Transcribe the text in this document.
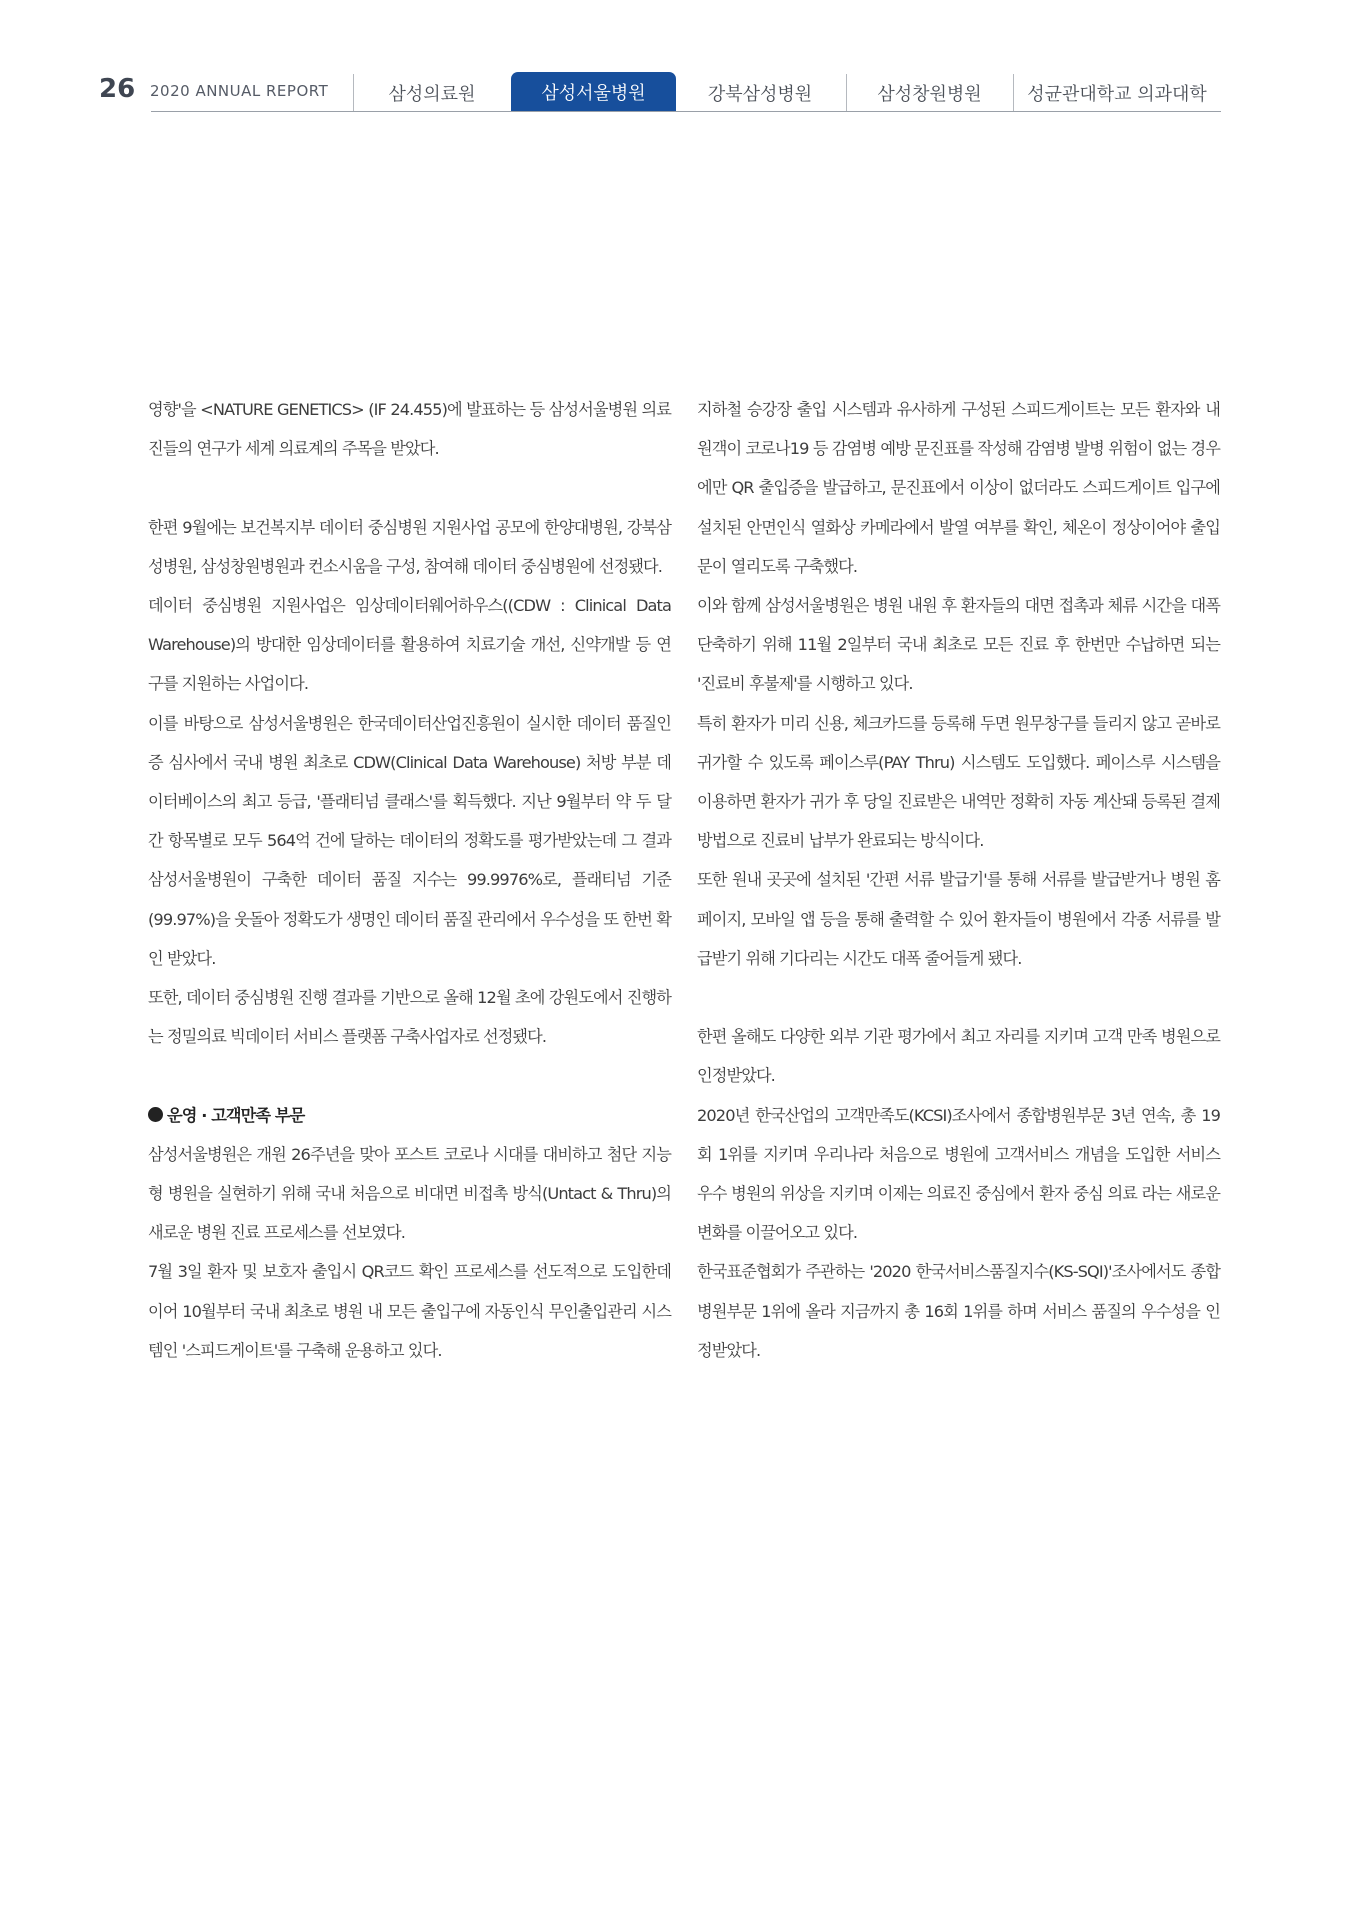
26 2020 ANNUAL REPORT	삼성의료원	삼성서울병원	강북삼성병원	삼성창원병원	성균관대학교 의과대학

영향'을 <NATURE GENETICS> (IF 24.455)에 발표하는 등 삼성서울병원 의료진들의 연구가 세계 의료계의 주목을 받았다.

한편 9월에는 보건복지부 데이터 중심병원 지원사업 공모에 한양대병원, 강북삼성병원, 삼성창원병원과 컨소시움을 구성, 참여해 데이터 중심병원에 선정됐다.

데이터 중심병원 지원사업은 임상데이터웨어하우스((CDW : Clinical Data Warehouse)의 방대한 임상데이터를 활용하여 치료기술 개선, 신약개발 등 연구를 지원하는 사업이다.

이를 바탕으로 삼성서울병원은 한국데이터산업진흥원이 실시한 데이터 품질인증 심사에서 국내 병원 최초로 CDW(Clinical Data Warehouse) 처방 부분 데이터베이스의 최고 등급, '플래티넘 클래스'를 획득했다. 지난 9월부터 약 두 달 간 항목별로 모두 564억 건에 달하는 데이터의 정확도를 평가받았는데 그 결과 삼성서울병원이 구축한 데이터 품질 지수는 99.9976%로, 플래티넘 기준(99.97%)을 웃돌아 정확도가 생명인 데이터 품질 관리에서 우수성을 또 한번 확인 받았다.

또한, 데이터 중심병원 진행 결과를 기반으로 올해 12월 초에 강원도에서 진행하는 정밀의료 빅데이터 서비스 플랫폼 구축사업자로 선정됐다.

운영 · 고객만족 부문

삼성서울병원은 개원 26주년을 맞아 포스트 코로나 시대를 대비하고 첨단 지능형 병원을 실현하기 위해 국내 처음으로 비대면 비접촉 방식(Untact & Thru)의 새로운 병원 진료 프로세스를 선보였다.

7월 3일 환자 및 보호자 출입시 QR코드 확인 프로세스를 선도적으로 도입한데 이어 10월부터 국내 최초로 병원 내 모든 출입구에 자동인식 무인출입관리 시스템인 '스피드게이트'를 구축해 운용하고 있다.

지하철 승강장 출입 시스템과 유사하게 구성된 스피드게이트는 모든 환자와 내원객이 코로나19 등 감염병 예방 문진표를 작성해 감염병 발병 위험이 없는 경우에만 QR 출입증을 발급하고, 문진표에서 이상이 없더라도 스피드게이트 입구에 설치된 안면인식 열화상 카메라에서 발열 여부를 확인, 체온이 정상이어야 출입문이 열리도록 구축했다.

이와 함께 삼성서울병원은 병원 내원 후 환자들의 대면 접촉과 체류 시간을 대폭 단축하기 위해 11월 2일부터 국내 최초로 모든 진료 후 한번만 수납하면 되는 '진료비 후불제'를 시행하고 있다.

특히 환자가 미리 신용, 체크카드를 등록해 두면 원무창구를 들리지 않고 곧바로 귀가할 수 있도록 페이스루(PAY Thru) 시스템도 도입했다. 페이스루 시스템을 이용하면 환자가 귀가 후 당일 진료받은 내역만 정확히 자동 계산돼 등록된 결제방법으로 진료비 납부가 완료되는 방식이다.

또한 원내 곳곳에 설치된 '간편 서류 발급기'를 통해 서류를 발급받거나 병원 홈페이지, 모바일 앱 등을 통해 출력할 수 있어 환자들이 병원에서 각종 서류를 발급받기 위해 기다리는 시간도 대폭 줄어들게 됐다.

한편 올해도 다양한 외부 기관 평가에서 최고 자리를 지키며 고객 만족 병원으로 인정받았다.

2020년 한국산업의 고객만족도(KCSI)조사에서 종합병원부문 3년 연속, 총 19회 1위를 지키며 우리나라 처음으로 병원에 고객서비스 개념을 도입한 서비스 우수 병원의 위상을 지키며 이제는 의료진 중심에서 환자 중심 의료 라는 새로운 변화를 이끌어오고 있다.

한국표준협회가 주관하는 '2020 한국서비스품질지수(KS-SQI)'조사에서도 종합병원부문 1위에 올라 지금까지 총 16회 1위를 하며 서비스 품질의 우수성을 인정받았다.
